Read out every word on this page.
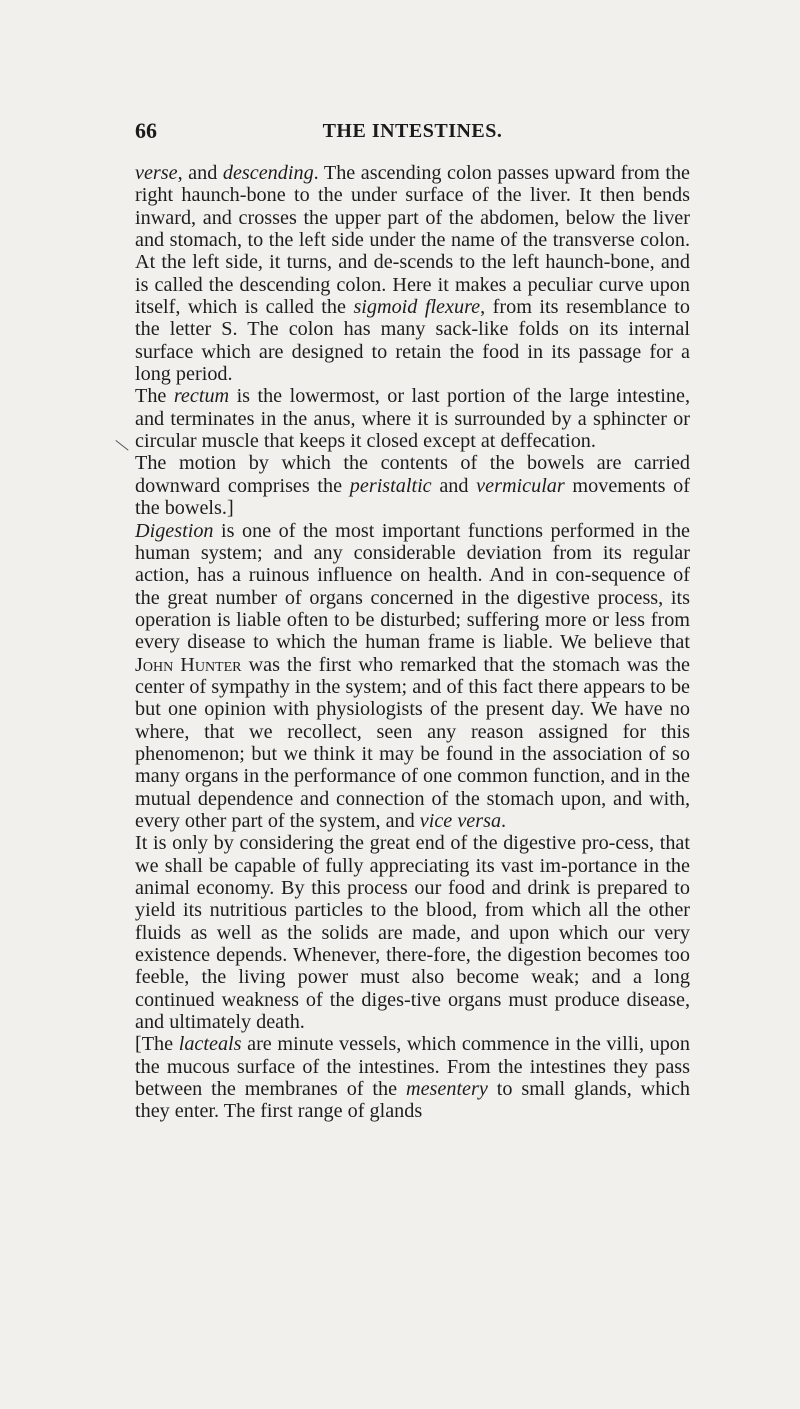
66	THE INTESTINES.

verse, and descending. The ascending colon passes upward from the right haunch-bone to the under surface of the liver. It then bends inward, and crosses the upper part of the abdomen, below the liver and stomach, to the left side under the name of the transverse colon. At the left side, it turns, and de-scends to the left haunch-bone, and is called the descending colon. Here it makes a peculiar curve upon itself, which is called the sigmoid flexure, from its resemblance to the letter S. The colon has many sack-like folds on its internal surface which are designed to retain the food in its passage for a long period.

The rectum is the lowermost, or last portion of the large intestine, and terminates in the anus, where it is surrounded by a sphincter or circular muscle that keeps it closed except at deffecation.

The motion by which the contents of the bowels are carried downward comprises the peristaltic and vermicular movements of the bowels.]

Digestion is one of the most important functions performed in the human system; and any considerable deviation from its regular action, has a ruinous influence on health. And in con-sequence of the great number of organs concerned in the digestive process, its operation is liable often to be disturbed; suffering more or less from every disease to which the human frame is liable. We believe that John Hunter was the first who remarked that the stomach was the center of sympathy in the system; and of this fact there appears to be but one opinion with physiologists of the present day. We have no where, that we recollect, seen any reason assigned for this phenomenon; but we think it may be found in the association of so many organs in the performance of one common function, and in the mutual dependence and connection of the stomach upon, and with, every other part of the system, and vice versa.

It is only by considering the great end of the digestive pro-cess, that we shall be capable of fully appreciating its vast im-portance in the animal economy. By this process our food and drink is prepared to yield its nutritious particles to the blood, from which all the other fluids as well as the solids are made, and upon which our very existence depends. Whenever, there-fore, the digestion becomes too feeble, the living power must also become weak; and a long continued weakness of the diges-tive organs must produce disease, and ultimately death.

[The lacteals are minute vessels, which commence in the villi, upon the mucous surface of the intestines. From the intestines they pass between the membranes of the mesentery to small glands, which they enter. The first range of glands
